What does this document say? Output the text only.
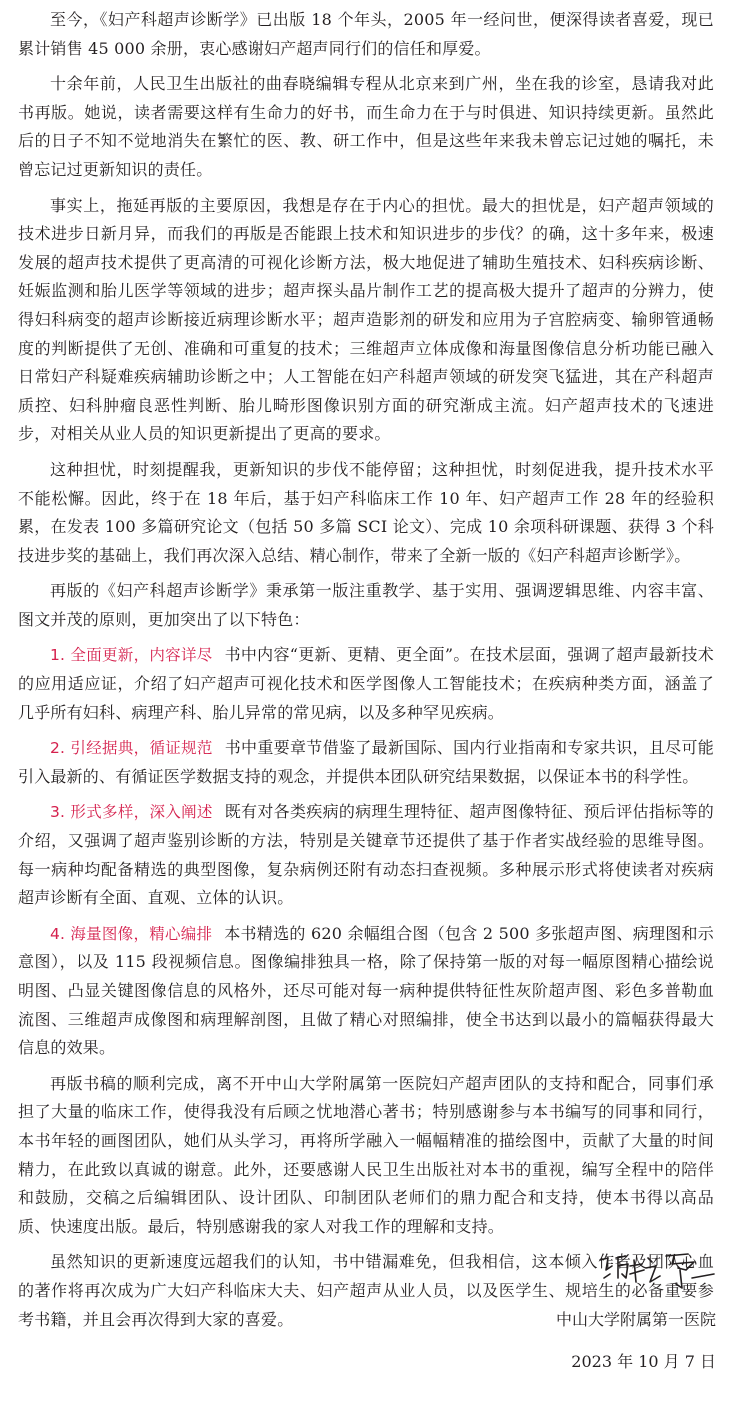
至今，《妇产科超声诊断学》已出版 18 个年头，2005 年一经问世，便深得读者喜爱，现已累计销售 45 000 余册，衷心感谢妇产超声同行们的信任和厚爱。

十余年前，人民卫生出版社的曲春晓编辑专程从北京来到广州，坐在我的诊室，恳请我对此书再版。她说，读者需要这样有生命力的好书，而生命力在于与时俱进、知识持续更新。虽然此后的日子不知不觉地消失在繁忙的医、教、研工作中，但是这些年来我未曾忘记过她的嘱托，未曾忘记过更新知识的责任。

事实上，拖延再版的主要原因，我想是存在于内心的担忧。最大的担忧是，妇产超声领域的技术进步日新月异，而我们的再版是否能跟上技术和知识进步的步伐？的确，这十多年来，极速发展的超声技术提供了更高清的可视化诊断方法，极大地促进了辅助生殖技术、妇科疾病诊断、妊娠监测和胎儿医学等领域的进步；超声探头晶片制作工艺的提高极大提升了超声的分辨力，使得妇科病变的超声诊断接近病理诊断水平；超声造影剂的研发和应用为子宫腔病变、输卵管通畅度的判断提供了无创、准确和可重复的技术；三维超声立体成像和海量图像信息分析功能已融入日常妇产科疑难疾病辅助诊断之中；人工智能在妇产科超声领域的研发突飞猛进，其在产科超声质控、妇科肿瘤良恶性判断、胎儿畸形图像识别方面的研究渐成主流。妇产超声技术的飞速进步，对相关从业人员的知识更新提出了更高的要求。

这种担忧，时刻提醒我，更新知识的步伐不能停留；这种担忧，时刻促进我，提升技术水平不能松懈。因此，终于在 18 年后，基于妇产科临床工作 10 年、妇产超声工作 28 年的经验积累，在发表 100 多篇研究论文（包括 50 多篇 SCI 论文）、完成 10 余项科研课题、获得 3 个科技进步奖的基础上，我们再次深入总结、精心制作，带来了全新一版的《妇产科超声诊断学》。

再版的《妇产科超声诊断学》秉承第一版注重教学、基于实用、强调逻辑思维、内容丰富、图文并茂的原则，更加突出了以下特色：

1. 全面更新，内容详尽 书中内容“更新、更精、更全面”。在技术层面，强调了超声最新技术的应用适应证，介绍了妇产超声可视化技术和医学图像人工智能技术；在疾病种类方面，涵盖了几乎所有妇科、病理产科、胎儿异常的常见病，以及多种罕见疾病。

2. 引经据典，循证规范 书中重要章节借鉴了最新国际、国内行业指南和专家共识，且尽可能引入最新的、有循证医学数据支持的观念，并提供本团队研究结果数据，以保证本书的科学性。

3. 形式多样，深入阐述 既有对各类疾病的病理生理特征、超声图像特征、预后评估指标等的介绍，又强调了超声鉴别诊断的方法，特别是关键章节还提供了基于作者实战经验的思维导图。每一病种均配备精选的典型图像，复杂病例还附有动态扫查视频。多种展示形式将使读者对疾病超声诊断有全面、直观、立体的认识。

4. 海量图像，精心编排 本书精选的 620 余幅组合图（包含 2 500 多张超声图、病理图和示意图），以及 115 段视频信息。图像编排独具一格，除了保持第一版的对每一幅原图精心描绘说明图、凸显关键图像信息的风格外，还尽可能对每一病种提供特征性灰阶超声图、彩色多普勒血流图、三维超声成像图和病理解剖图，且做了精心对照编排，使全书达到以最小的篇幅获得最大信息的效果。

再版书稿的顺利完成，离不开中山大学附属第一医院妇产超声团队的支持和配合，同事们承担了大量的临床工作，使得我没有后顾之忧地潜心著书；特别感谢参与本书编写的同事和同行，本书年轻的画图团队，她们从头学习，再将所学融入一幅幅精准的描绘图中，贡献了大量的时间精力，在此致以真诚的谢意。此外，还要感谢人民卫生出版社对本书的重视，编写全程中的陪伴和鼓励，交稿之后编辑团队、设计团队、印制团队老师们的鼎力配合和支持，使本书得以高品质、快速度出版。最后，特别感谢我的家人对我工作的理解和支持。

虽然知识的更新速度远超我们的认知，书中错漏难免，但我相信，这本倾入作者及团队心血的著作将再次成为广大妇产科临床大夫、妇产超声从业人员，以及医学生、规培生的必备重要参考书籍，并且会再次得到大家的喜爱。	中山大学附属第一医院
2023 年 10 月 7 日
